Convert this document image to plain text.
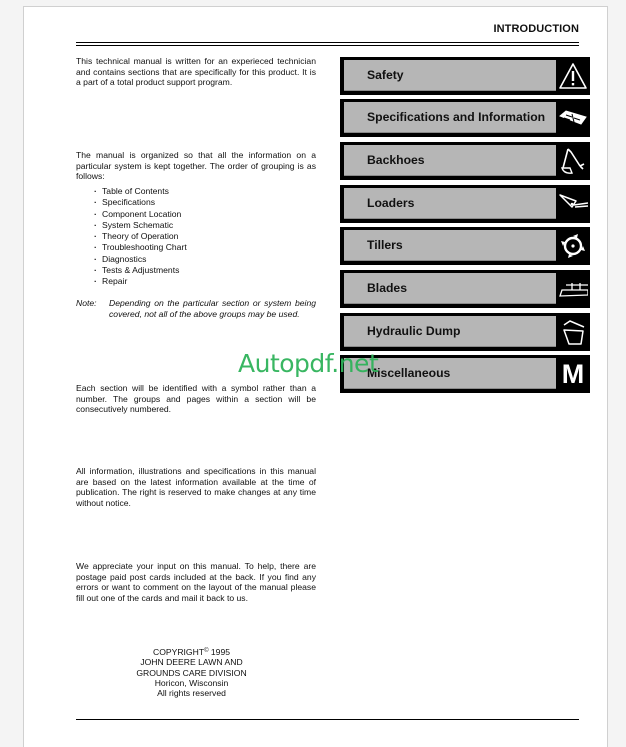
INTRODUCTION
This technical manual is written for an experieced technician and contains sections that are specifically for this product. It is a part of a total product support program.
The manual is organized so that all the information on a particular system is kept together. The order of grouping is as follows:
· Table of Contents
· Specifications
· Component Location
· System Schematic
· Theory of Operation
· Troubleshooting Chart
· Diagnostics
· Tests & Adjustments
· Repair
Note:	Depending on the particular section or system being covered, not all of the above groups may be used.
Each section will be identified with a symbol rather than a number. The groups and pages within a section will be consecutively numbered.
All information, illustrations and specifications in this manual are based on the latest information available at the time of publication. The right is reserved to make changes at any time without notice.
We appreciate your input on this manual. To help, there are postage paid post cards included at the back. If you find any errors or want to comment on the layout of the manual please fill out one of the cards and mail it back to us.
COPYRIGHT© 1995
JOHN DEERE LAWN AND
GROUNDS CARE DIVISION
Horicon, Wisconsin
All rights reserved
Safety
Specifications and Information
Backhoes
Loaders
Tillers
Blades
Hydraulic Dump
Miscellaneous	M
Autopdf.net
